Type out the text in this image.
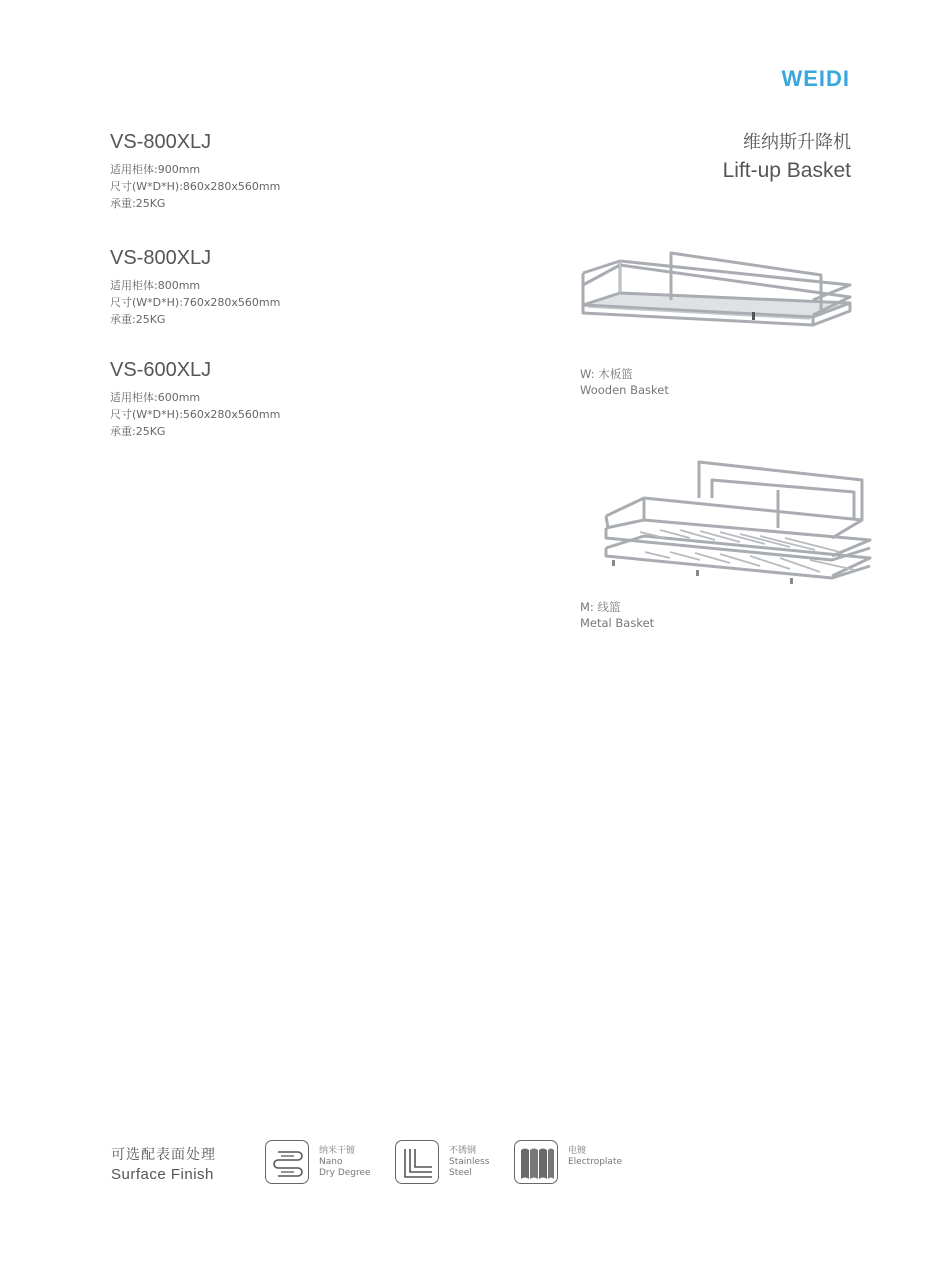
WEIDI
维纳斯升降机
Lift-up Basket
VS-800XLJ
适用柜体:900mm
尺寸(W*D*H):860x280x560mm
承重:25KG
VS-800XLJ
适用柜体:800mm
尺寸(W*D*H):760x280x560mm
承重:25KG
VS-600XLJ
适用柜体:600mm
尺寸(W*D*H):560x280x560mm
承重:25KG
W: 木板篮
Wooden Basket
M: 线篮
Metal Basket
可选配表面处理
Surface Finish
纳米干镀
Nano
Dry Degree
不锈钢
Stainless
Steel
电镀
Electroplate
